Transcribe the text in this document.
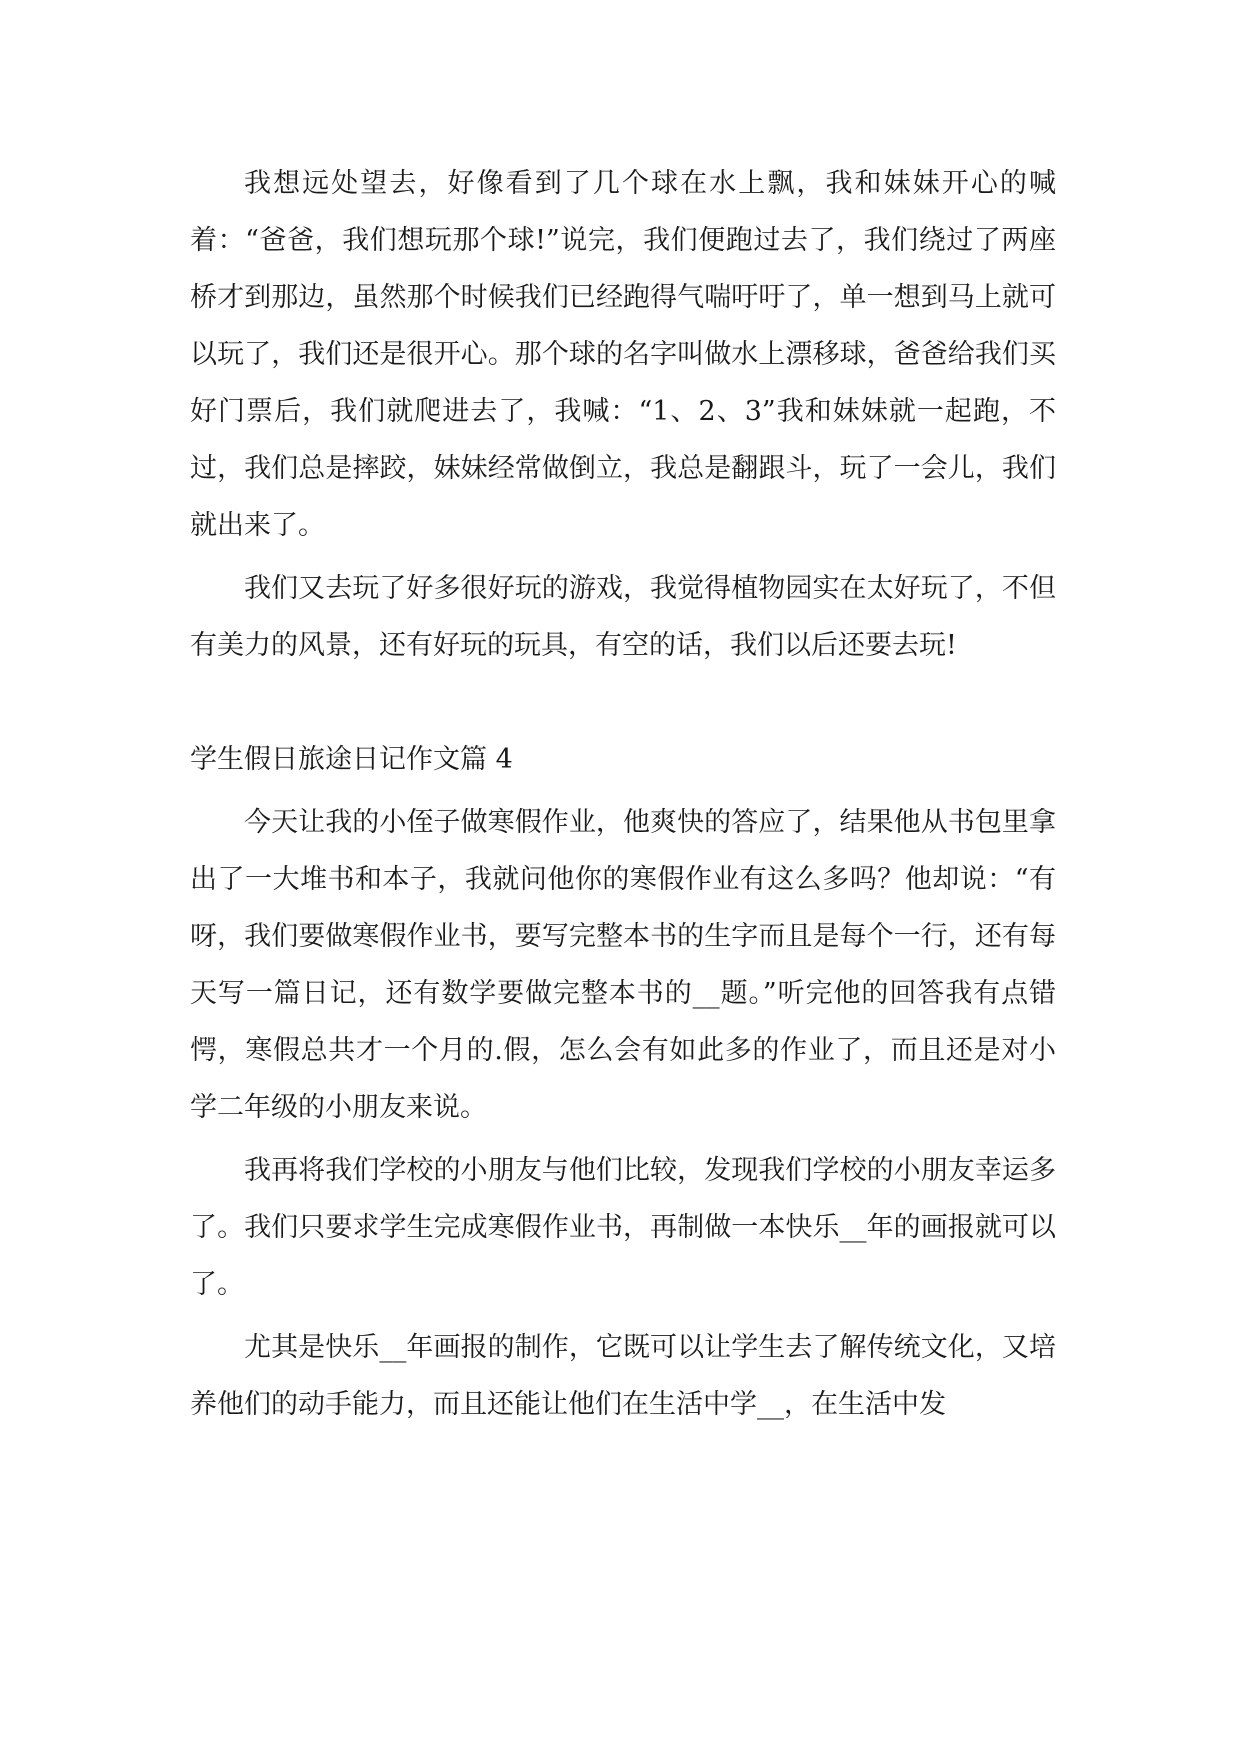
我想远处望去，好像看到了几个球在水上飘，我和妹妹开心的喊着：“爸爸，我们想玩那个球!”说完，我们便跑过去了，我们绕过了两座桥才到那边，虽然那个时候我们已经跑得气喘吁吁了，单一想到马上就可以玩了，我们还是很开心。那个球的名字叫做水上漂移球，爸爸给我们买好门票后，我们就爬进去了，我喊：“1、2、3”我和妹妹就一起跑，不过，我们总是摔跤，妹妹经常做倒立，我总是翻跟斗，玩了一会儿，我们就出来了。

我们又去玩了好多很好玩的游戏，我觉得植物园实在太好玩了，不但有美力的风景，还有好玩的玩具，有空的话，我们以后还要去玩!

学生假日旅途日记作文篇 4

今天让我的小侄子做寒假作业，他爽快的答应了，结果他从书包里拿出了一大堆书和本子，我就问他你的寒假作业有这么多吗？他却说：“有呀，我们要做寒假作业书，要写完整本书的生字而且是每个一行，还有每天写一篇日记，还有数学要做完整本书的__题。”听完他的回答我有点错愕，寒假总共才一个月的.假，怎么会有如此多的作业了，而且还是对小学二年级的小朋友来说。

我再将我们学校的小朋友与他们比较，发现我们学校的小朋友幸运多了。我们只要求学生完成寒假作业书，再制做一本快乐__年的画报就可以了。

尤其是快乐__年画报的制作，它既可以让学生去了解传统文化，又培养他们的动手能力，而且还能让他们在生活中学__，在生活中发
